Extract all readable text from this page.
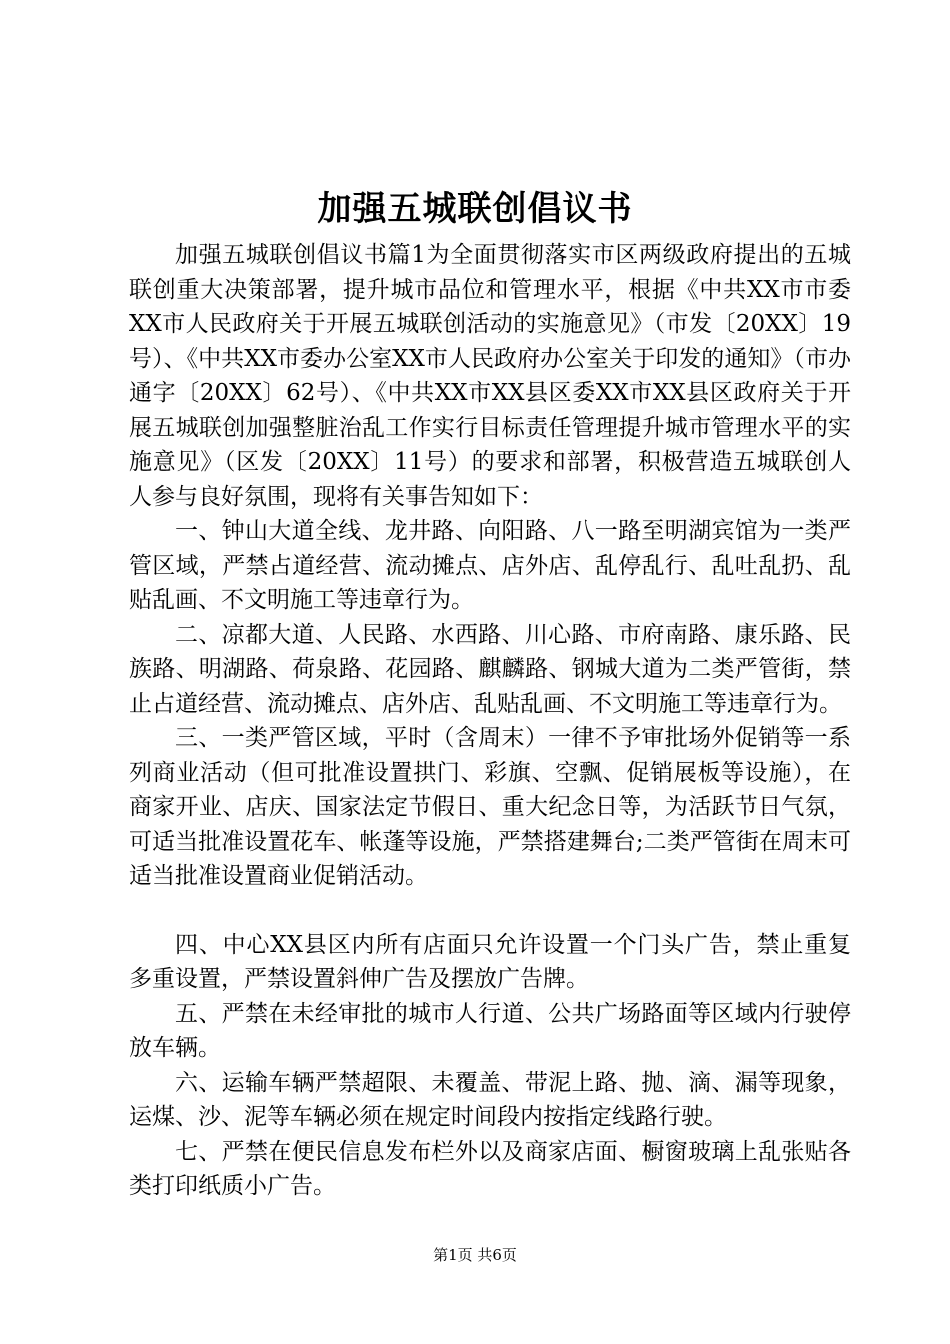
加强五城联创倡议书

加强五城联创倡议书篇1为全面贯彻落实市区两级政府提出的五城联创重大决策部署，提升城市品位和管理水平，根据《中共XX市市委XX市人民政府关于开展五城联创活动的实施意见》（市发〔20XX〕19号）、《中共XX市委办公室XX市人民政府办公室关于印发的通知》（市办通字〔20XX〕62号）、《中共XX市XX县区委XX市XX县区政府关于开展五城联创加强整脏治乱工作实行目标责任管理提升城市管理水平的实施意见》（区发〔20XX〕11号）的要求和部署，积极营造五城联创人人参与良好氛围，现将有关事告知如下：

一、钟山大道全线、龙井路、向阳路、八一路至明湖宾馆为一类严管区域，严禁占道经营、流动摊点、店外店、乱停乱行、乱吐乱扔、乱贴乱画、不文明施工等违章行为。

二、凉都大道、人民路、水西路、川心路、市府南路、康乐路、民族路、明湖路、荷泉路、花园路、麒麟路、钢城大道为二类严管街，禁止占道经营、流动摊点、店外店、乱贴乱画、不文明施工等违章行为。

三、一类严管区域，平时（含周末）一律不予审批场外促销等一系列商业活动（但可批准设置拱门、彩旗、空飘、促销展板等设施），在商家开业、店庆、国家法定节假日、重大纪念日等，为活跃节日气氛，可适当批准设置花车、帐蓬等设施，严禁搭建舞台;二类严管街在周末可适当批准设置商业促销活动。

四、中心XX县区内所有店面只允许设置一个门头广告，禁止重复多重设置，严禁设置斜伸广告及摆放广告牌。

五、严禁在未经审批的城市人行道、公共广场路面等区域内行驶停放车辆。

六、运输车辆严禁超限、未覆盖、带泥上路、抛、滴、漏等现象，运煤、沙、泥等车辆必须在规定时间段内按指定线路行驶。

七、严禁在便民信息发布栏外以及商家店面、橱窗玻璃上乱张贴各类打印纸质小广告。

第1页 共6页
